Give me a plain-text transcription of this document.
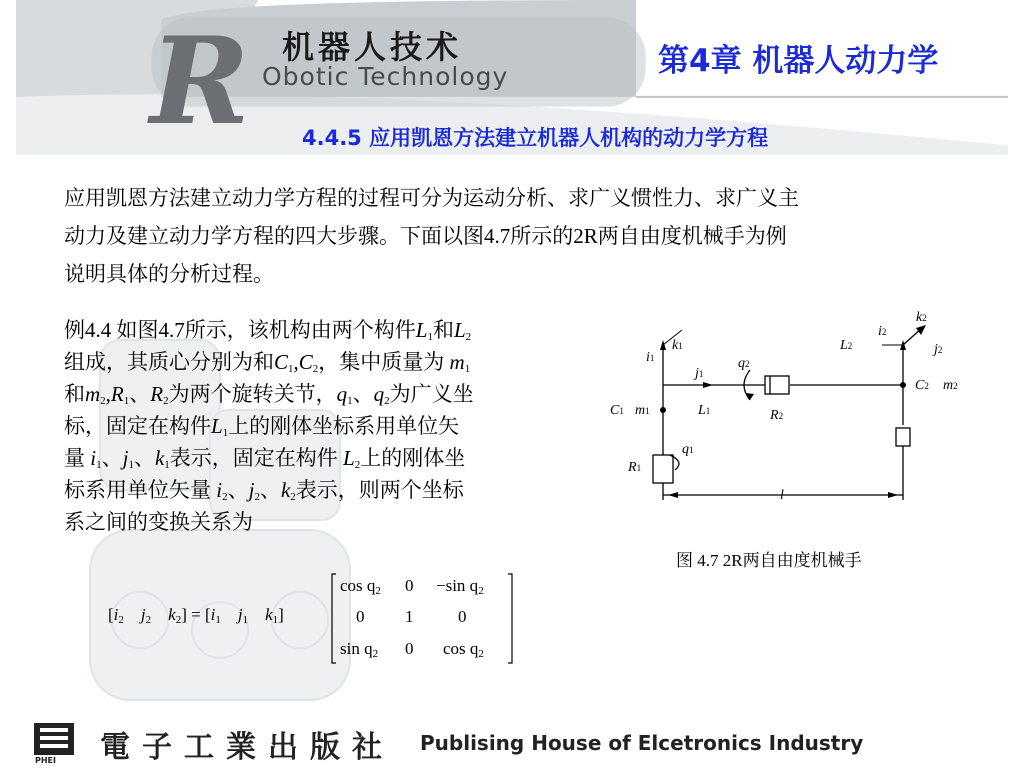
R 机器人技术
Obotic Technology	第4章 机器人动力学
4.4.5 应用凯恩方法建立机器人机构的动力学方程
应用凯恩方法建立动力学方程的过程可分为运动分析、求广义惯性力、求广义主
动力及建立动力学方程的四大步骤。下面以图4.7所示的2R两自由度机械手为例
说明具体的分析过程。
例4.4 如图4.7所示，该机构由两个构件$L_1$和$L_2$
组成，其质心分别为和$C_1,C_2$，集中质量为 $m_1$
和$m_2,R_1$、$R_2$为两个旋转关节，$q_1$、$q_2$为广义坐
标，固定在构件$L_1$上的刚体坐标系用单位矢
量 $i_1$、$j_1$、$k_1$表示，固定在构件 $L_2$上的刚体坐
标系用单位矢量 $i_2$、$j_2$、$k_2$表示，则两个坐标
系之间的变换关系为
k1
i1
j1
q2
C1 m1	L1	R2
L2
i2
k2
j2
C2 m2
q1
R1
l
图 4.7 2R两自由度机械手
[$i_2$ $j_2$ $k_2] = [i_1$ $j_1$ $k_1$]
$\cos q_2$ 0 −sin $q_2$
0 1	0
$\sin q_2$ 0 $\cos q_2$
PHEI 電子工業出版社 Publising House of Elcetronics Industry
